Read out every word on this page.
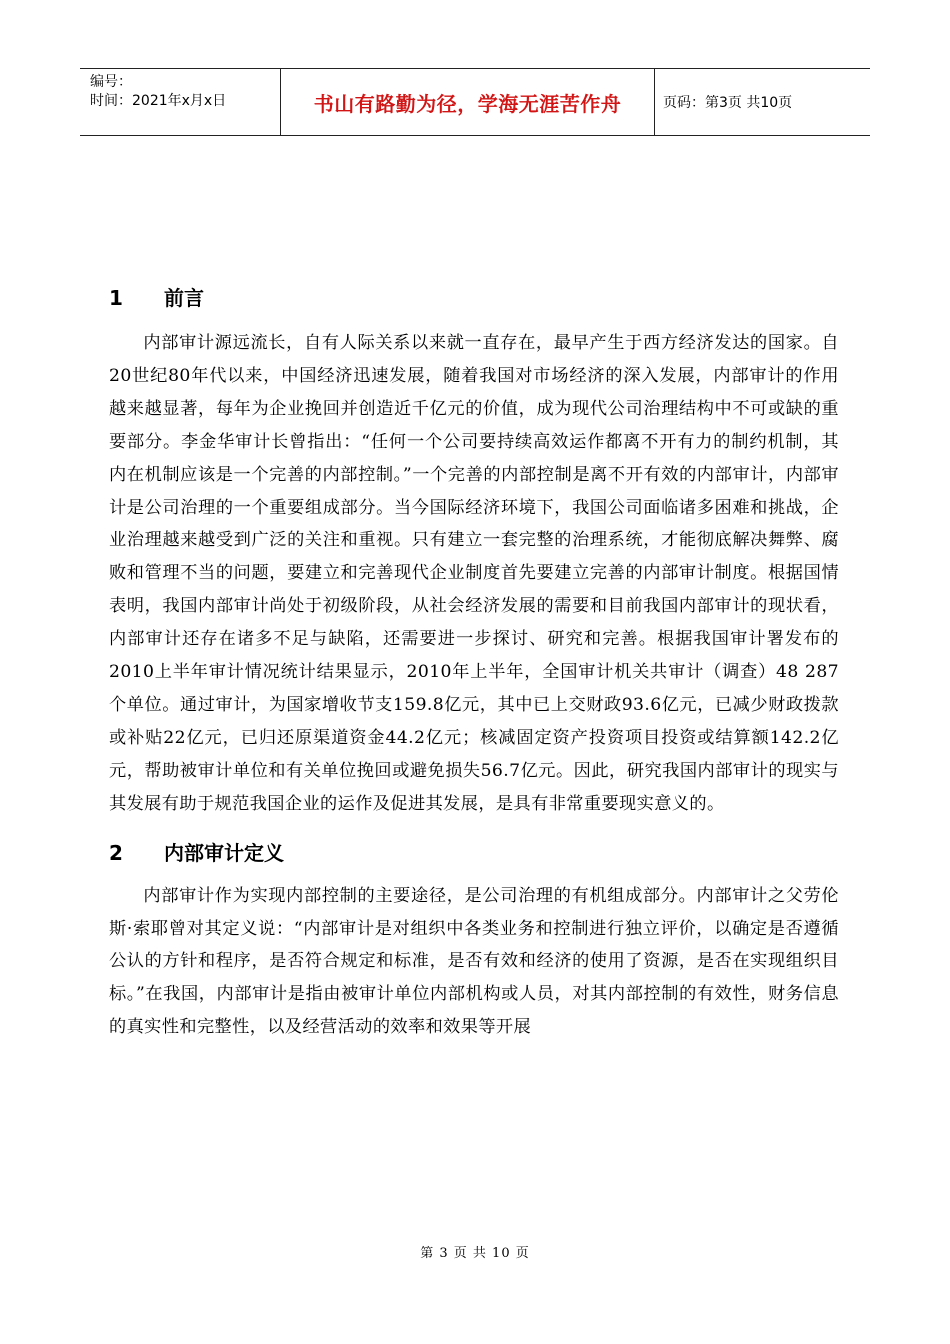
编号：
时间：2021年x月x日	书山有路勤为径，学海无涯苦作舟	页码：第3页 共10页
1	前言

内部审计源远流长，自有人际关系以来就一直存在，最早产生于西方经济发达的国家。自20世纪80年代以来，中国经济迅速发展，随着我国对市场经济的深入发展，内部审计的作用越来越显著，每年为企业挽回并创造近千亿元的价值，成为现代公司治理结构中不可或缺的重要部分。李金华审计长曾指出：“任何一个公司要持续高效运作都离不开有力的制约机制，其内在机制应该是一个完善的内部控制。”一个完善的内部控制是离不开有效的内部审计，内部审计是公司治理的一个重要组成部分。当今国际经济环境下，我国公司面临诸多困难和挑战，企业治理越来越受到广泛的关注和重视。只有建立一套完整的治理系统，才能彻底解决舞弊、腐败和管理不当的问题，要建立和完善现代企业制度首先要建立完善的内部审计制度。根据国情表明，我国内部审计尚处于初级阶段，从社会经济发展的需要和目前我国内部审计的现状看，内部审计还存在诸多不足与缺陷，还需要进一步探讨、研究和完善。根据我国审计署发布的2010上半年审计情况统计结果显示，2010年上半年，全国审计机关共审计（调查）48 287个单位。通过审计，为国家增收节支159.8亿元，其中已上交财政93.6亿元，已减少财政拨款或补贴22亿元，已归还原渠道资金44.2亿元；核减固定资产投资项目投资或结算额142.2亿元，帮助被审计单位和有关单位挽回或避免损失56.7亿元。因此，研究我国内部审计的现实与其发展有助于规范我国企业的运作及促进其发展，是具有非常重要现实意义的。

2	内部审计定义

内部审计作为实现内部控制的主要途径，是公司治理的有机组成部分。内部审计之父劳伦斯·索耶曾对其定义说：“内部审计是对组织中各类业务和控制进行独立评价，以确定是否遵循公认的方针和程序，是否符合规定和标准，是否有效和经济的使用了资源，是否在实现组织目标。”在我国，内部审计是指由被审计单位内部机构或人员，对其内部控制的有效性，财务信息的真实性和完整性，以及经营活动的效率和效果等开展

第 3 页 共 10 页
